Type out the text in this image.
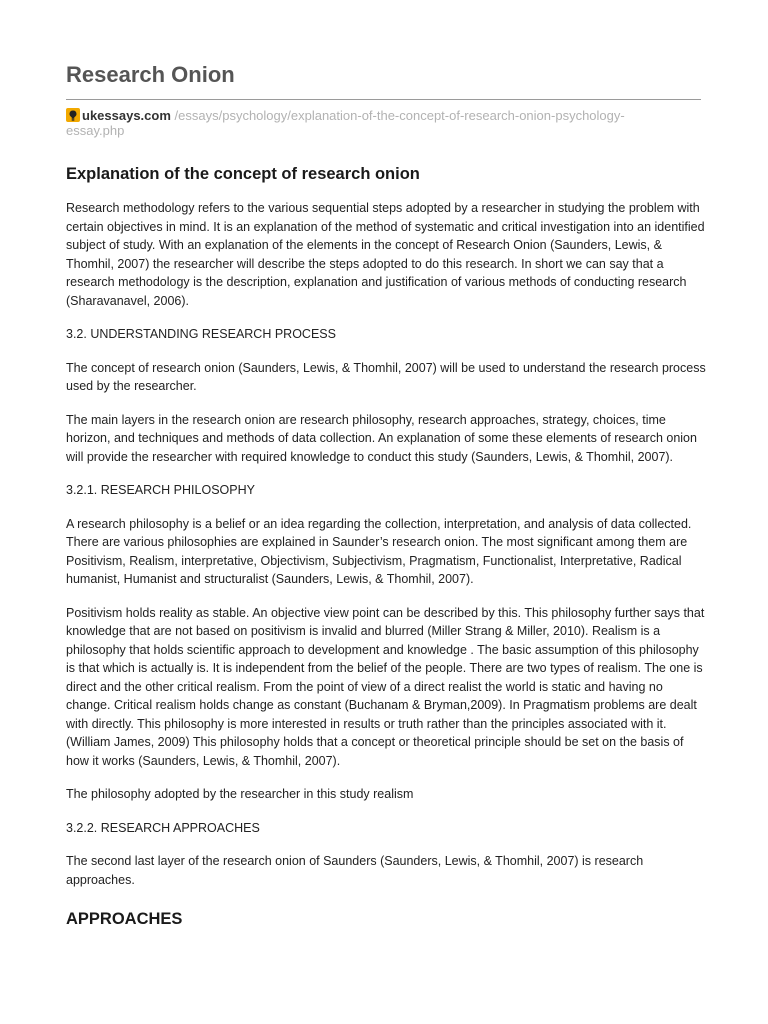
Research Onion
ukessays.com /essays/psychology/explanation-of-the-concept-of-research-onion-psychology-essay.php
Explanation of the concept of research onion

Research methodology refers to the various sequential steps adopted by a researcher in studying the problem with certain objectives in mind. It is an explanation of the method of systematic and critical investigation into an identified subject of study. With an explanation of the elements in the concept of Research Onion (Saunders, Lewis, & Thomhil, 2007) the researcher will describe the steps adopted to do this research. In short we can say that a research methodology is the description, explanation and justification of various methods of conducting research (Sharavanavel, 2006).

3.2. UNDERSTANDING RESEARCH PROCESS

The concept of research onion (Saunders, Lewis, & Thomhil, 2007) will be used to understand the research process used by the researcher.

The main layers in the research onion are research philosophy, research approaches, strategy, choices, time horizon, and techniques and methods of data collection. An explanation of some these elements of research onion will provide the researcher with required knowledge to conduct this study (Saunders, Lewis, & Thomhil, 2007).

3.2.1. RESEARCH PHILOSOPHY

A research philosophy is a belief or an idea regarding the collection, interpretation, and analysis of data collected. There are various philosophies are explained in Saunder’s research onion. The most significant among them are Positivism, Realism, interpretative, Objectivism, Subjectivism, Pragmatism, Functionalist, Interpretative, Radical humanist, Humanist and structuralist (Saunders, Lewis, & Thomhil, 2007).

Positivism holds reality as stable. An objective view point can be described by this. This philosophy further says that knowledge that are not based on positivism is invalid and blurred (Miller Strang & Miller, 2010). Realism is a philosophy that holds scientific approach to development and knowledge . The basic assumption of this philosophy is that which is actually is. It is independent from the belief of the people. There are two types of realism. The one is direct and the other critical realism. From the point of view of a direct realist the world is static and having no change. Critical realism holds change as constant (Buchanam & Bryman,2009). In Pragmatism problems are dealt with directly. This philosophy is more interested in results or truth rather than the principles associated with it. (William James, 2009) This philosophy holds that a concept or theoretical principle should be set on the basis of how it works (Saunders, Lewis, & Thomhil, 2007).

The philosophy adopted by the researcher in this study realism

3.2.2. RESEARCH APPROACHES

The second last layer of the research onion of Saunders (Saunders, Lewis, & Thomhil, 2007) is research approaches.

APPROACHES
